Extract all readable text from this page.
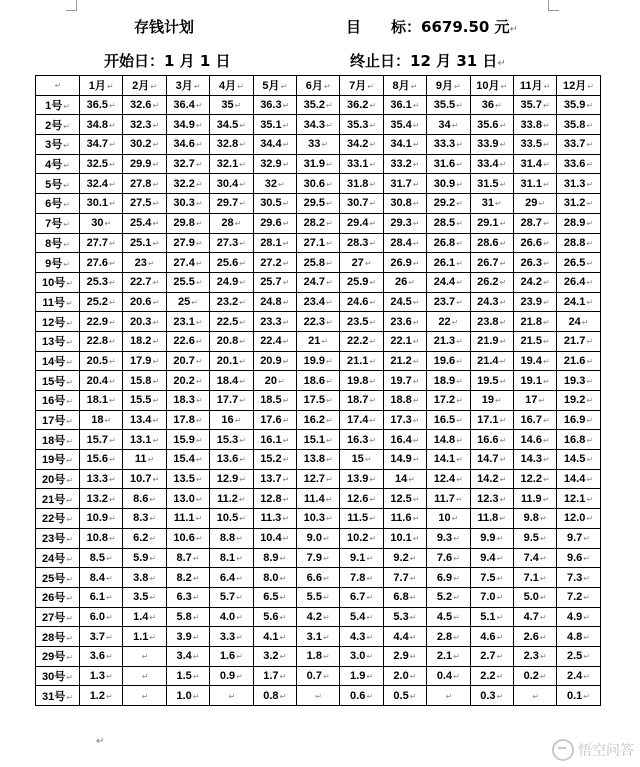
存钱计划	目　　标：6679.50 元↵
开始日：1 月 1 日	终止日：12 月 31 日↵
↵	1月↵	2月↵	3月↵	4月↵	5月↵	6月↵	7月↵	8月↵	9月↵	10月↵	11月↵	12月↵
1号↵	36.5↵	32.6↵	36.4↵	35↵	36.3↵	35.2↵	36.2↵	36.1↵	35.5↵	36↵	35.7↵	35.9↵
2号↵	34.8↵	32.3↵	34.9↵	34.5↵	35.1↵	34.3↵	35.3↵	35.4↵	34↵	35.6↵	33.8↵	35.8↵
3号↵	34.7↵	30.2↵	34.6↵	32.8↵	34.4↵	33↵	34.2↵	34.1↵	33.3↵	33.9↵	33.5↵	33.7↵
4号↵	32.5↵	29.9↵	32.7↵	32.1↵	32.9↵	31.9↵	33.1↵	33.2↵	31.6↵	33.4↵	31.4↵	33.6↵
5号↵	32.4↵	27.8↵	32.2↵	30.4↵	32↵	30.6↵	31.8↵	31.7↵	30.9↵	31.5↵	31.1↵	31.3↵
6号↵	30.1↵	27.5↵	30.3↵	29.7↵	30.5↵	29.5↵	30.7↵	30.8↵	29.2↵	31↵	29↵	31.2↵
7号↵	30↵	25.4↵	29.8↵	28↵	29.6↵	28.2↵	29.4↵	29.3↵	28.5↵	29.1↵	28.7↵	28.9↵
8号↵	27.7↵	25.1↵	27.9↵	27.3↵	28.1↵	27.1↵	28.3↵	28.4↵	26.8↵	28.6↵	26.6↵	28.8↵
9号↵	27.6↵	23↵	27.4↵	25.6↵	27.2↵	25.8↵	27↵	26.9↵	26.1↵	26.7↵	26.3↵	26.5↵
10号↵	25.3↵	22.7↵	25.5↵	24.9↵	25.7↵	24.7↵	25.9↵	26↵	24.4↵	26.2↵	24.2↵	26.4↵
11号↵	25.2↵	20.6↵	25↵	23.2↵	24.8↵	23.4↵	24.6↵	24.5↵	23.7↵	24.3↵	23.9↵	24.1↵
12号↵	22.9↵	20.3↵	23.1↵	22.5↵	23.3↵	22.3↵	23.5↵	23.6↵	22↵	23.8↵	21.8↵	24↵
13号↵	22.8↵	18.2↵	22.6↵	20.8↵	22.4↵	21↵	22.2↵	22.1↵	21.3↵	21.9↵	21.5↵	21.7↵
14号↵	20.5↵	17.9↵	20.7↵	20.1↵	20.9↵	19.9↵	21.1↵	21.2↵	19.6↵	21.4↵	19.4↵	21.6↵
15号↵	20.4↵	15.8↵	20.2↵	18.4↵	20↵	18.6↵	19.8↵	19.7↵	18.9↵	19.5↵	19.1↵	19.3↵
16号↵	18.1↵	15.5↵	18.3↵	17.7↵	18.5↵	17.5↵	18.7↵	18.8↵	17.2↵	19↵	17↵	19.2↵
17号↵	18↵	13.4↵	17.8↵	16↵	17.6↵	16.2↵	17.4↵	17.3↵	16.5↵	17.1↵	16.7↵	16.9↵
18号↵	15.7↵	13.1↵	15.9↵	15.3↵	16.1↵	15.1↵	16.3↵	16.4↵	14.8↵	16.6↵	14.6↵	16.8↵
19号↵	15.6↵	11↵	15.4↵	13.6↵	15.2↵	13.8↵	15↵	14.9↵	14.1↵	14.7↵	14.3↵	14.5↵
20号↵	13.3↵	10.7↵	13.5↵	12.9↵	13.7↵	12.7↵	13.9↵	14↵	12.4↵	14.2↵	12.2↵	14.4↵
21号↵	13.2↵	8.6↵	13.0↵	11.2↵	12.8↵	11.4↵	12.6↵	12.5↵	11.7↵	12.3↵	11.9↵	12.1↵
22号↵	10.9↵	8.3↵	11.1↵	10.5↵	11.3↵	10.3↵	11.5↵	11.6↵	10↵	11.8↵	9.8↵	12.0↵
23号↵	10.8↵	6.2↵	10.6↵	8.8↵	10.4↵	9.0↵	10.2↵	10.1↵	9.3↵	9.9↵	9.5↵	9.7↵
24号↵	8.5↵	5.9↵	8.7↵	8.1↵	8.9↵	7.9↵	9.1↵	9.2↵	7.6↵	9.4↵	7.4↵	9.6↵
25号↵	8.4↵	3.8↵	8.2↵	6.4↵	8.0↵	6.6↵	7.8↵	7.7↵	6.9↵	7.5↵	7.1↵	7.3↵
26号↵	6.1↵	3.5↵	6.3↵	5.7↵	6.5↵	5.5↵	6.7↵	6.8↵	5.2↵	7.0↵	5.0↵	7.2↵
27号↵	6.0↵	1.4↵	5.8↵	4.0↵	5.6↵	4.2↵	5.4↵	5.3↵	4.5↵	5.1↵	4.7↵	4.9↵
28号↵	3.7↵	1.1↵	3.9↵	3.3↵	4.1↵	3.1↵	4.3↵	4.4↵	2.8↵	4.6↵	2.6↵	4.8↵
29号↵	3.6↵	↵	3.4↵	1.6↵	3.2↵	1.8↵	3.0↵	2.9↵	2.1↵	2.7↵	2.3↵	2.5↵
30号↵	1.3↵	↵	1.5↵	0.9↵	1.7↵	0.7↵	1.9↵	2.0↵	0.4↵	2.2↵	0.2↵	2.4↵
31号↵	1.2↵	↵	1.0↵	↵	0.8↵	↵	0.6↵	0.5↵	↵	0.3↵	↵	0.1↵
↵
悟空问答
